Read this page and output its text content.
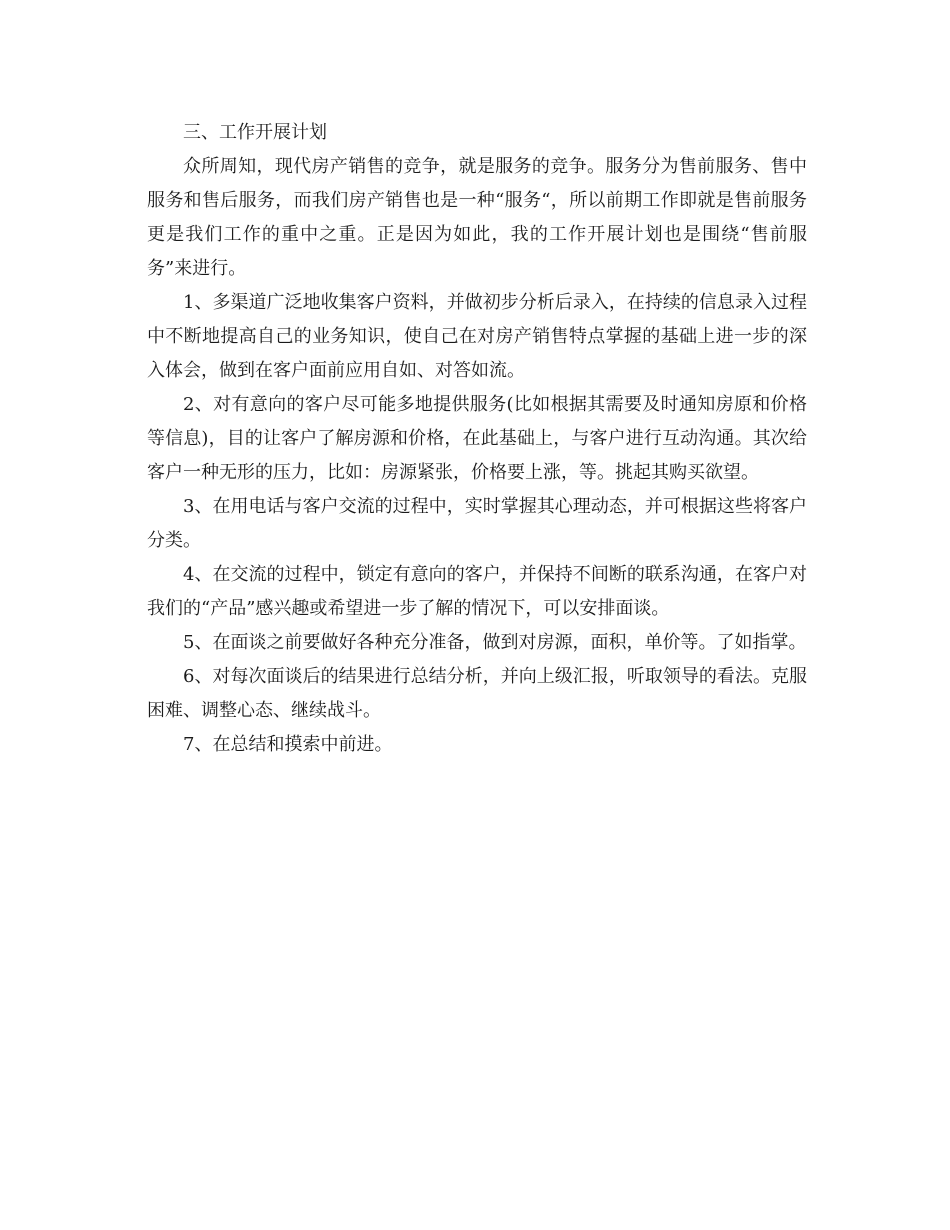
三、工作开展计划

众所周知，现代房产销售的竞争，就是服务的竞争。服务分为售前服务、售中服务和售后服务，而我们房产销售也是一种“服务“，所以前期工作即就是售前服务更是我们工作的重中之重。正是因为如此，我的工作开展计划也是围绕“售前服务”来进行。

1、多渠道广泛地收集客户资料，并做初步分析后录入，在持续的信息录入过程中不断地提高自己的业务知识，使自己在对房产销售特点掌握的基础上进一步的深入体会，做到在客户面前应用自如、对答如流。

2、对有意向的客户尽可能多地提供服务(比如根据其需要及时通知房原和价格等信息)，目的让客户了解房源和价格，在此基础上，与客户进行互动沟通。其次给客户一种无形的压力，比如：房源紧张，价格要上涨，等。挑起其购买欲望。

3、在用电话与客户交流的过程中，实时掌握其心理动态，并可根据这些将客户分类。

4、在交流的过程中，锁定有意向的客户，并保持不间断的联系沟通，在客户对我们的“产品”感兴趣或希望进一步了解的情况下，可以安排面谈。

5、在面谈之前要做好各种充分准备，做到对房源，面积，单价等。了如指掌。

6、对每次面谈后的结果进行总结分析，并向上级汇报，听取领导的看法。克服困难、调整心态、继续战斗。

7、在总结和摸索中前进。
